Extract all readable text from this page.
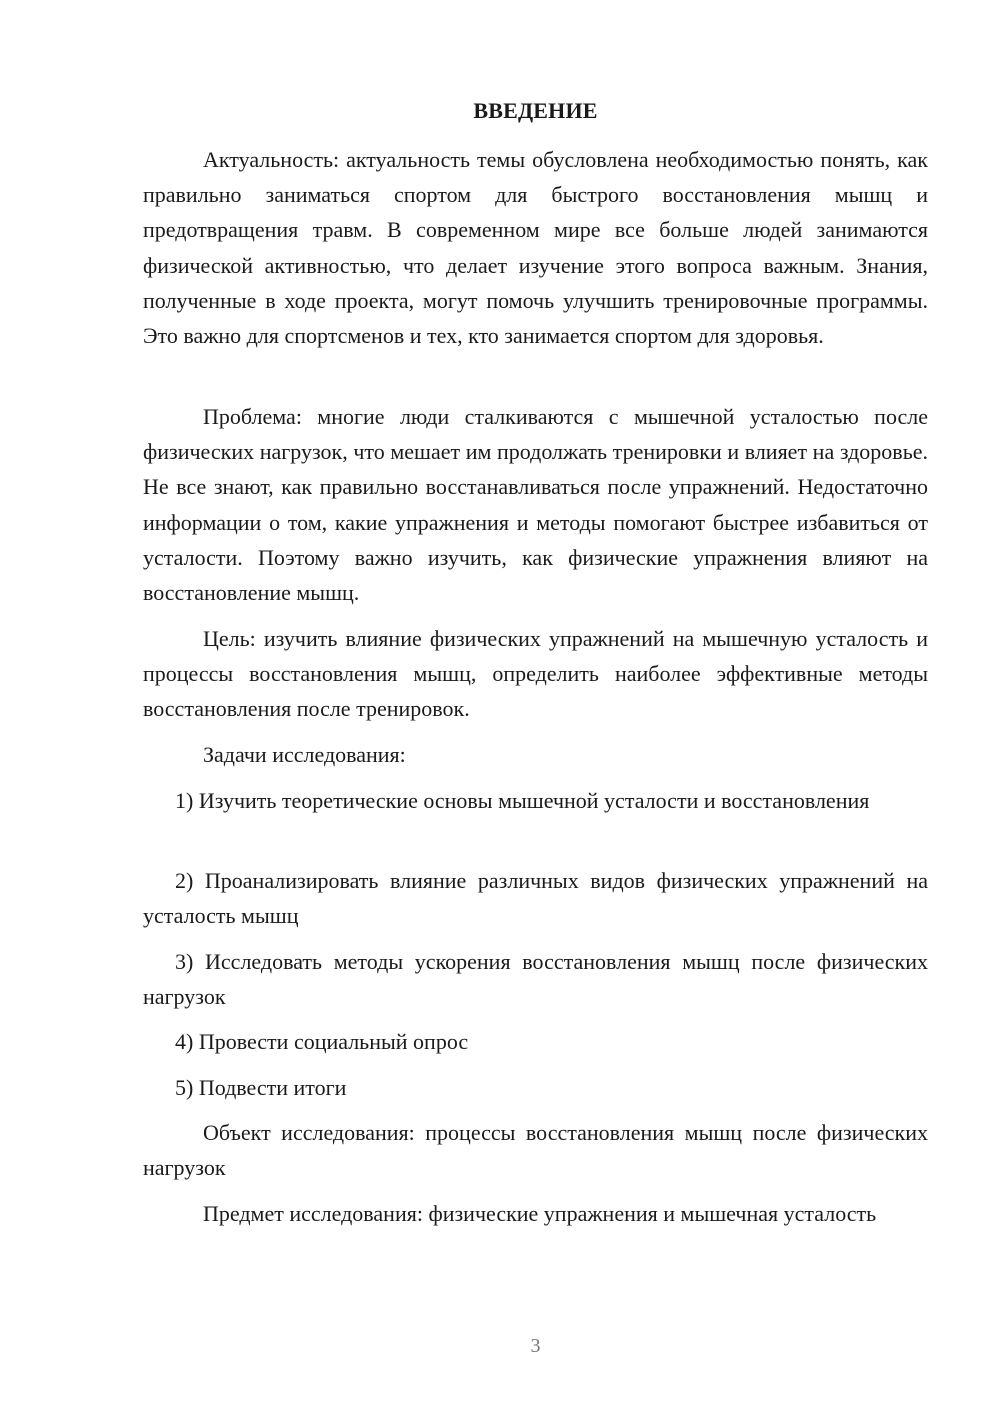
ВВЕДЕНИЕ

Актуальность: актуальность темы обусловлена необходимостью понять, как правильно заниматься спортом для быстрого восстановления мышц и предотвращения травм. В современном мире все больше людей занимаются физической активностью, что делает изучение этого вопроса важным. Знания, полученные в ходе проекта, могут помочь улучшить тренировочные программы. Это важно для спортсменов и тех, кто занимается спортом для здоровья.

Проблема: многие люди сталкиваются с мышечной усталостью после физических нагрузок, что мешает им продолжать тренировки и влияет на здоровье. Не все знают, как правильно восстанавливаться после упражнений. Недостаточно информации о том, какие упражнения и методы помогают быстрее избавиться от усталости. Поэтому важно изучить, как физические упражнения влияют на восстановление мышц.

Цель: изучить влияние физических упражнений на мышечную усталость и процессы восстановления мышц, определить наиболее эффективные методы восстановления после тренировок.

Задачи исследования:

1) Изучить теоретические основы мышечной усталости и восстановления

2) Проанализировать влияние различных видов физических упражнений на усталость мышц

3) Исследовать методы ускорения восстановления мышц после физических нагрузок

4) Провести социальный опрос

5) Подвести итоги

Объект исследования: процессы восстановления мышц после физических нагрузок

Предмет исследования: физические упражнения и мышечная усталость

3
